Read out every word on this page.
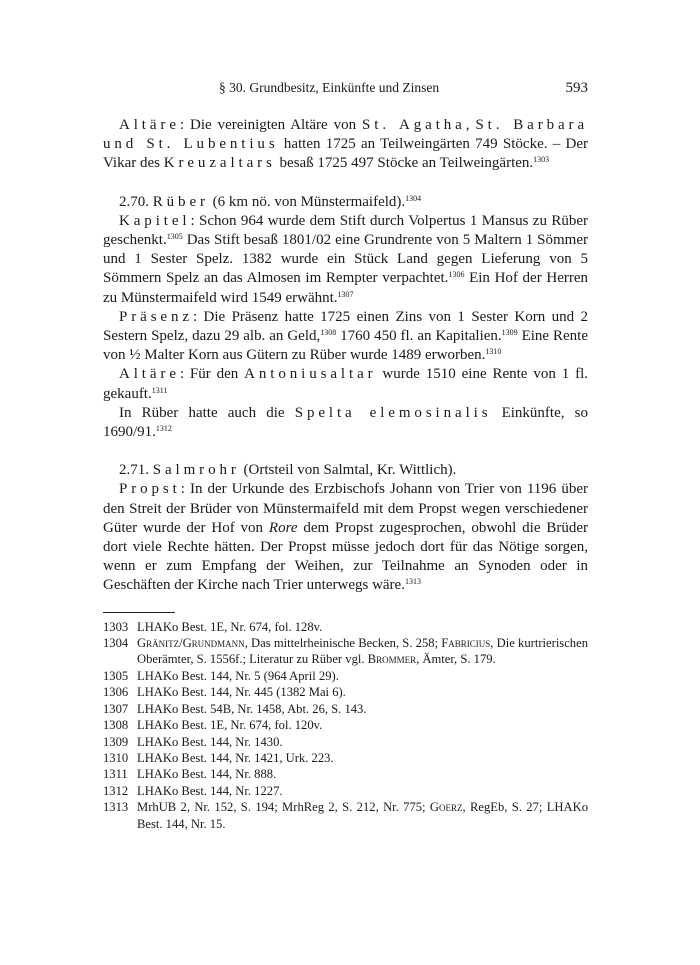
§ 30. Grundbesitz, Einkünfte und Zinsen	593

Altäre: Die vereinigten Altäre von St. Agatha, St. Barbara und St. Lubentius hatten 1725 an Teilweingärten 749 Stöcke. – Der Vikar des Kreuzaltars besaß 1725 497 Stöcke an Teilweingärten.$^{1303}$

2.70. Rüber (6 km nö. von Münstermaifeld).$^{1304}$

Kapitel: Schon 964 wurde dem Stift durch Volpertus 1 Mansus zu Rüber geschenkt.$^{1305}$ Das Stift besaß 1801/02 eine Grundrente von 5 Maltern 1 Sömmer und 1 Sester Spelz. 1382 wurde ein Stück Land gegen Lieferung von 5 Sömmern Spelz an das Almosen im Rempter verpachtet.$^{1306}$ Ein Hof der Herren zu Münstermaifeld wird 1549 erwähnt.$^{1307}$

Präsenz: Die Präsenz hatte 1725 einen Zins von 1 Sester Korn und 2 Sestern Spelz, dazu 29 alb. an Geld,$^{1308}$ 1760 450 fl. an Kapitalien.$^{1309}$ Eine Rente von ½ Malter Korn aus Gütern zu Rüber wurde 1489 erworben.$^{1310}$

Altäre: Für den Antoniusaltar wurde 1510 eine Rente von 1 fl. gekauft.$^{1311}$

In Rüber hatte auch die Spelta elemosinalis Einkünfte, so 1690/91.$^{1312}$

2.71. Salmrohr (Ortsteil von Salmtal, Kr. Wittlich).

Propst: In der Urkunde des Erzbischofs Johann von Trier von 1196 über den Streit der Brüder von Münstermaifeld mit dem Propst wegen verschiedener Güter wurde der Hof von Rore dem Propst zugesprochen, obwohl die Brüder dort viele Rechte hätten. Der Propst müsse jedoch dort für das Nötige sorgen, wenn er zum Empfang der Weihen, zur Teilnahme an Synoden oder in Geschäften der Kirche nach Trier unterwegs wäre.$^{1313}$

1303 LHAKo Best. 1E, Nr. 674, fol. 128v.
1304 Gränitz/Grundmann, Das mittelrheinische Becken, S. 258; Fabricius, Die kurtrierischen Oberämter, S. 1556f.; Literatur zu Rüber vgl. Brommer, Ämter, S. 179.
1305 LHAKo Best. 144, Nr. 5 (964 April 29).
1306 LHAKo Best. 144, Nr. 445 (1382 Mai 6).
1307 LHAKo Best. 54B, Nr. 1458, Abt. 26, S. 143.
1308 LHAKo Best. 1E, Nr. 674, fol. 120v.
1309 LHAKo Best. 144, Nr. 1430.
1310 LHAKo Best. 144, Nr. 1421, Urk. 223.
1311 LHAKo Best. 144, Nr. 888.
1312 LHAKo Best. 144, Nr. 1227.
1313 MrhUB 2, Nr. 152, S. 194; MrhReg 2, S. 212, Nr. 775; Goerz, RegEb, S. 27; LHAKo Best. 144, Nr. 15.
